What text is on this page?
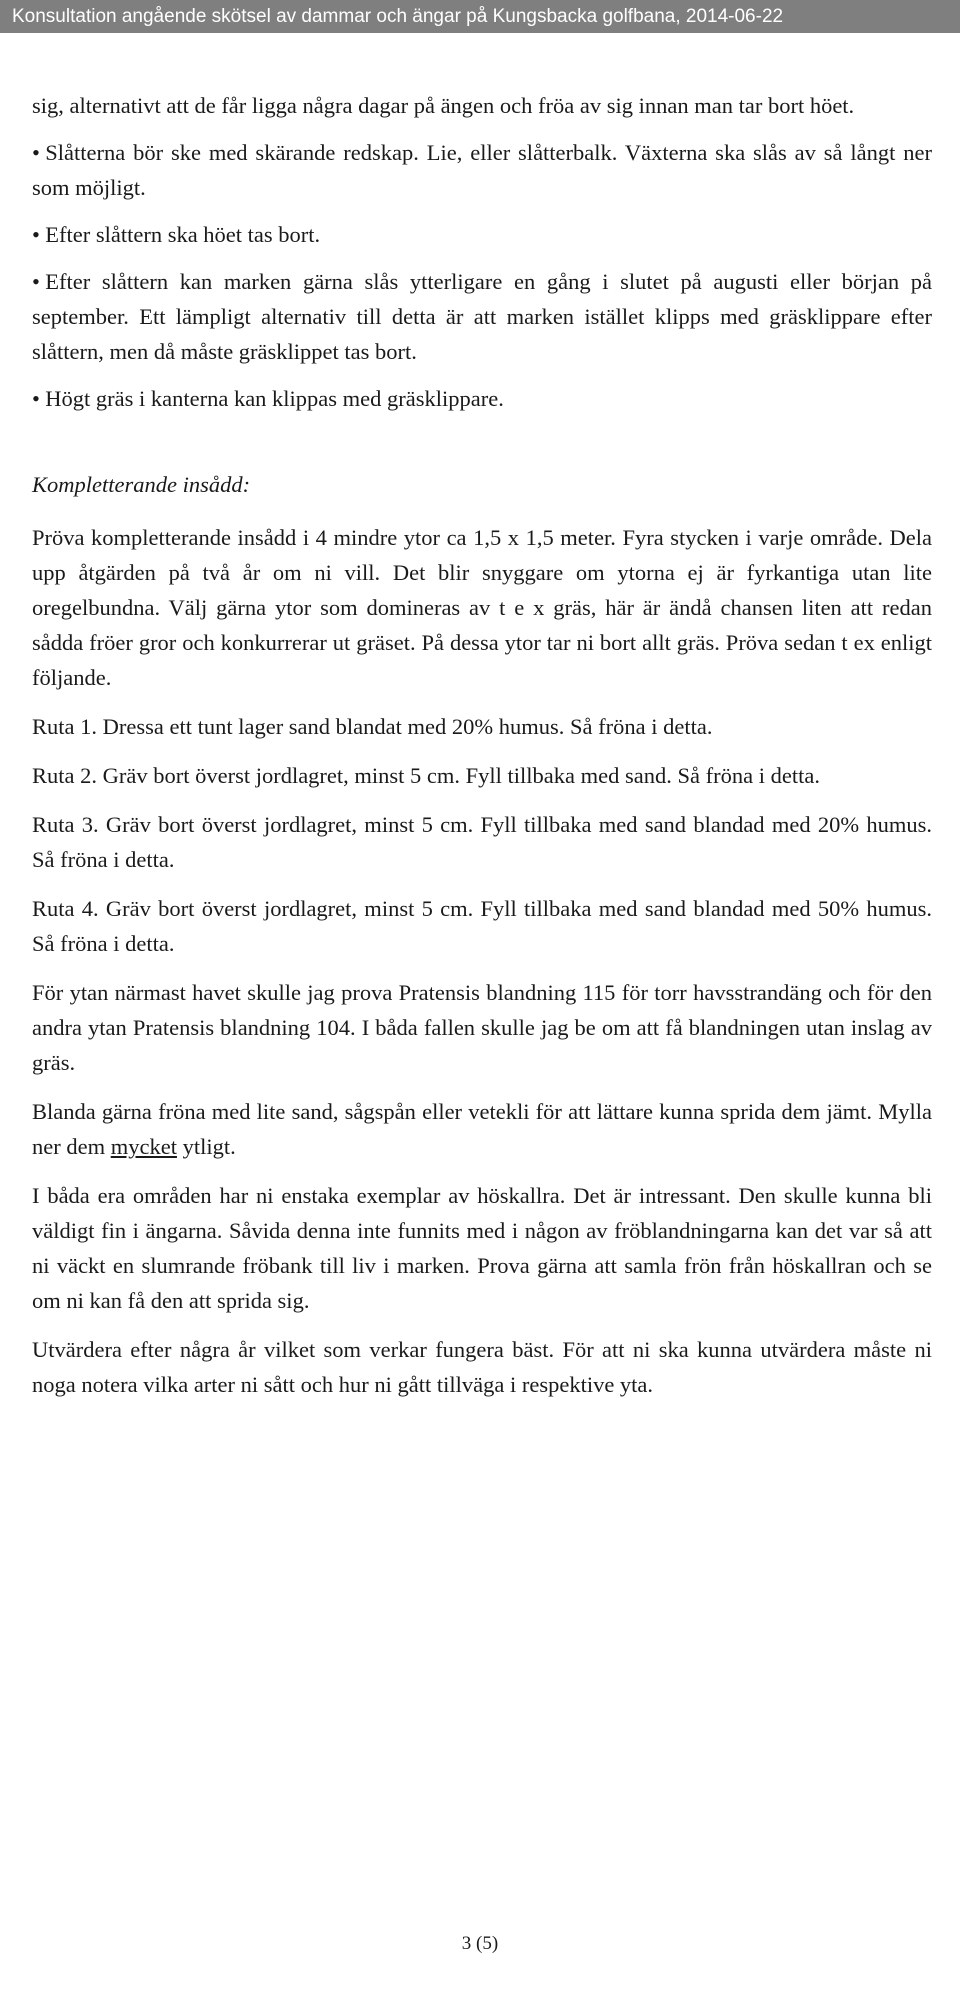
Konsultation angående skötsel av dammar och ängar på Kungsbacka golfbana, 2014-06-22

sig, alternativt att de får ligga några dagar på ängen och fröa av sig innan man tar bort höet.

• Slåtterna bör ske med skärande redskap. Lie, eller slåtterbalk. Växterna ska slås av så långt ner som möjligt.

• Efter slåttern ska höet tas bort.

• Efter slåttern kan marken gärna slås ytterligare en gång i slutet på augusti eller början på september. Ett lämpligt alternativ till detta är att marken istället klipps med gräsklippare efter slåttern, men då måste gräsklippet tas bort.

• Högt gräs i kanterna kan klippas med gräsklippare.

Kompletterande insådd:

Pröva kompletterande insådd i 4 mindre ytor ca 1,5 x 1,5 meter. Fyra stycken i varje område. Dela upp åtgärden på två år om ni vill. Det blir snyggare om ytorna ej är fyrkantiga utan lite oregelbundna. Välj gärna ytor som domineras av t e x gräs, här är ändå chansen liten att redan sådda fröer gror och konkurrerar ut gräset. På dessa ytor tar ni bort allt gräs. Pröva sedan t ex enligt följande.

Ruta 1. Dressa ett tunt lager sand blandat med 20% humus. Så fröna i detta.

Ruta 2. Gräv bort överst jordlagret, minst 5 cm. Fyll tillbaka med sand. Så fröna i detta.

Ruta 3. Gräv bort överst jordlagret, minst 5 cm. Fyll tillbaka med sand blandad med 20% humus. Så fröna i detta.

Ruta 4. Gräv bort överst jordlagret, minst 5 cm. Fyll tillbaka med sand blandad med 50% humus. Så fröna i detta.

För ytan närmast havet skulle jag prova Pratensis blandning 115 för torr havsstrandäng och för den andra ytan Pratensis blandning 104. I båda fallen skulle jag be om att få blandningen utan inslag av gräs.

Blanda gärna fröna med lite sand, sågspån eller vetekli för att lättare kunna sprida dem jämt. Mylla ner dem mycket ytligt.

I båda era områden har ni enstaka exemplar av höskallra. Det är intressant. Den skulle kunna bli väldigt fin i ängarna. Såvida denna inte funnits med i någon av fröblandningarna kan det var så att ni väckt en slumrande fröbank till liv i marken. Prova gärna att samla frön från höskallran och se om ni kan få den att sprida sig.

Utvärdera efter några år vilket som verkar fungera bäst. För att ni ska kunna utvärdera måste ni noga notera vilka arter ni sått och hur ni gått tillväga i respektive yta.

3 (5)
